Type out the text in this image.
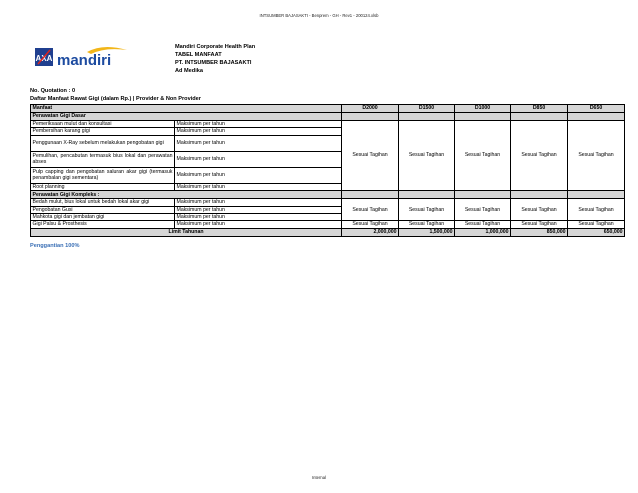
INTSUMBER BAJASAKTI - Benprem - GH - Rev1 - 200124.xlsb
AXA mandiri
Mandiri Corporate Health Plan
TABEL MANFAAT
PT. INTSUMBER BAJASAKTI
Ad Medika
No. Quotation : 0
Daftar Manfaat Rawat Gigi (dalam Rp.) | Provider & Non Provider
Manfaat		D2000	D1500	D1000	D850	D650
Perawatan Gigi Dasar						
Pemeriksaan mulut dan konsultasi	Maksimum per tahun	Sesuai Tagihan	Sesuai Tagihan	Sesuai Tagihan	Sesuai Tagihan	Sesuai Tagihan
Pembersihan karang gigi	Maksimum per tahun					
Penggunaan X-Ray sebelum melakukan pengobatan gigi	Maksimum per tahun					
Pemulihan, pencabutan termasuk bius lokal dan perawatan abses	Maksimum per tahun					
Pulp capping dan pengobatan saluran akar gigi (termasuk penambalan gigi sementara)	Maksimum per tahun					
Root planning	Maksimum per tahun					
Perawatan Gigi Kompleks :						
Bedah mulut, bius lokal untuk bedah lokal akar gigi	Maksimum per tahun	Sesuai Tagihan	Sesuai Tagihan	Sesuai Tagihan	Sesuai Tagihan	Sesuai Tagihan
Pengobatan Gusi	Maksimum per tahun					
Mahkota gigi dan jembatan gigi	Maksimum per tahun					
Gigi Palsu & Prosthesis	Maksimum per tahun	Sesuai Tagihan	Sesuai Tagihan	Sesuai Tagihan	Sesuai Tagihan	Sesuai Tagihan
Limit Tahunan		2,000,000	1,500,000	1,000,000	850,000	650,000
Penggantian 100%
Internal
